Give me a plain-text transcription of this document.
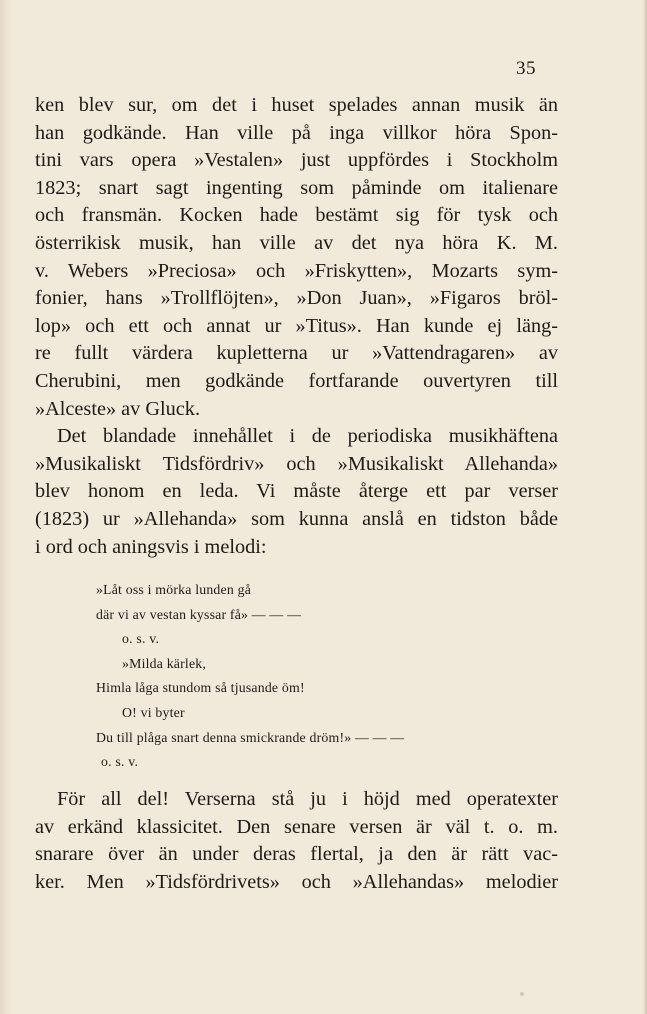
35
ken blev sur, om det i huset spelades annan musik än
han godkände. Han ville på inga villkor höra Spon-
tini vars opera »Vestalen» just uppfördes i Stockholm
1823; snart sagt ingenting som påminde om italienare
och fransmän. Kocken hade bestämt sig för tysk och
österrikisk musik, han ville av det nya höra K. M.
v. Webers »Preciosa» och »Friskytten», Mozarts sym-
fonier, hans »Trollflöjten», »Don Juan», »Figaros bröl-
lop» och ett och annat ur »Titus». Han kunde ej läng-
re fullt värdera kupletterna ur »Vattendragaren» av
Cherubini, men godkände fortfarande ouvertyren till
»Alceste» av Gluck.
Det blandade innehållet i de periodiska musikhäftena
»Musikaliskt Tidsfördriv» och »Musikaliskt Allehanda»
blev honom en leda. Vi måste återge ett par verser
(1823) ur »Allehanda» som kunna anslå en tidston både
i ord och aningsvis i melodi:
»Låt oss i mörka lunden gå
där vi av vestan kyssar få» — — —
o. s. v.
»Milda kärlek,
Himla låga stundom så tjusande öm!
O! vi byter
Du till plåga snart denna smickrande dröm!» — — —
o. s. v.
För all del! Verserna stå ju i höjd med operatexter
av erkänd klassicitet. Den senare versen är väl t. o. m.
snarare över än under deras flertal, ja den är rätt vac-
ker. Men »Tidsfördrivets» och »Allehandas» melodier
